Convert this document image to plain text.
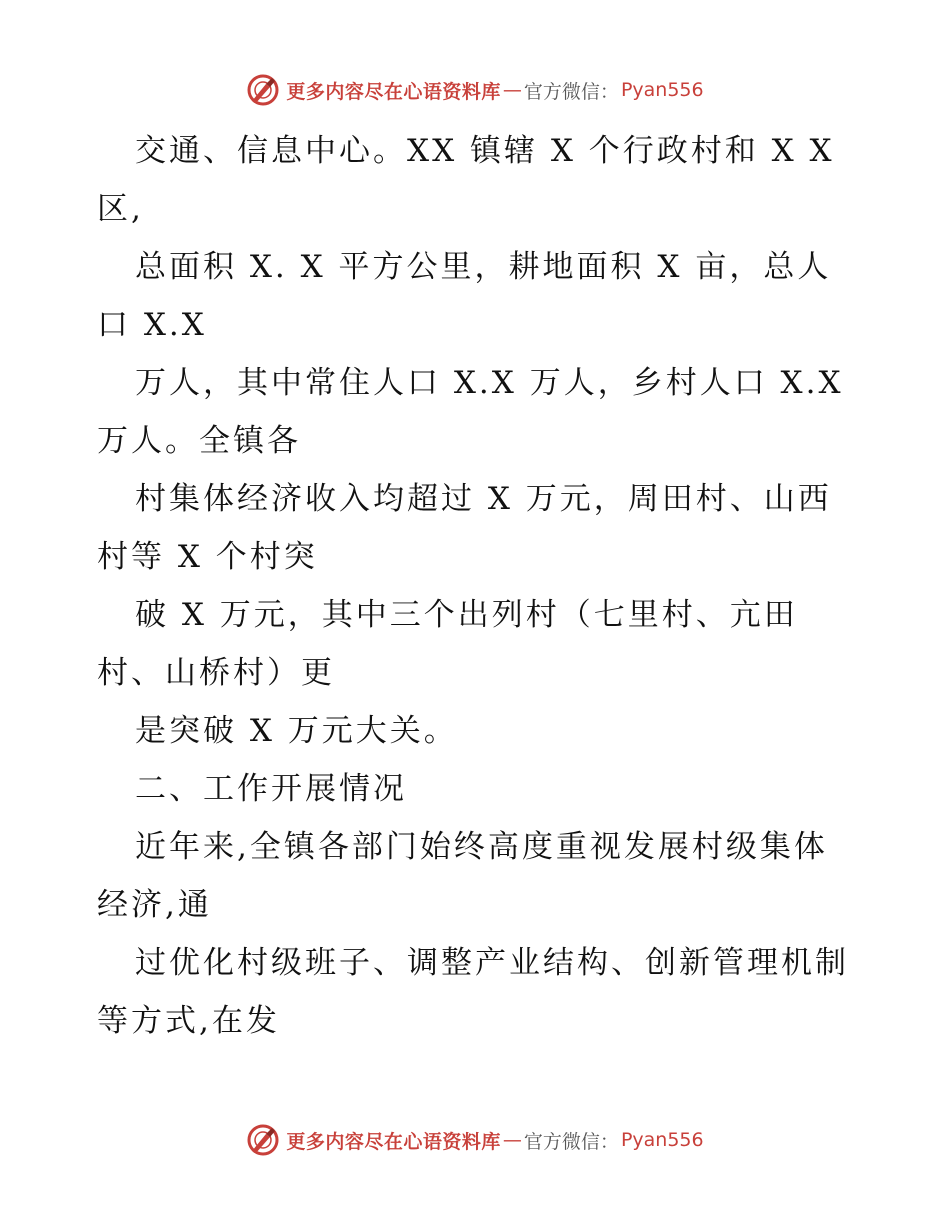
更多内容尽在心语资料库 — 官方微信： Pyan556
交通、信息中心。XX 镇辖 X 个行政村和 X X
区,
总面积 X. X 平方公里，耕地面积 X 亩，总人
口 X.X
万人，其中常住人口 X.X 万人，乡村人口 X.X
万人。全镇各
村集体经济收入均超过 X 万元，周田村、山西
村等 X 个村突
破 X 万元，其中三个出列村（七里村、亢田
村、山桥村）更
是突破 X 万元大关。
二、工作开展情况
近年来,全镇各部门始终高度重视发展村级集体
经济,通
过优化村级班子、调整产业结构、创新管理机制
等方式,在发
更多内容尽在心语资料库 — 官方微信： Pyan556
